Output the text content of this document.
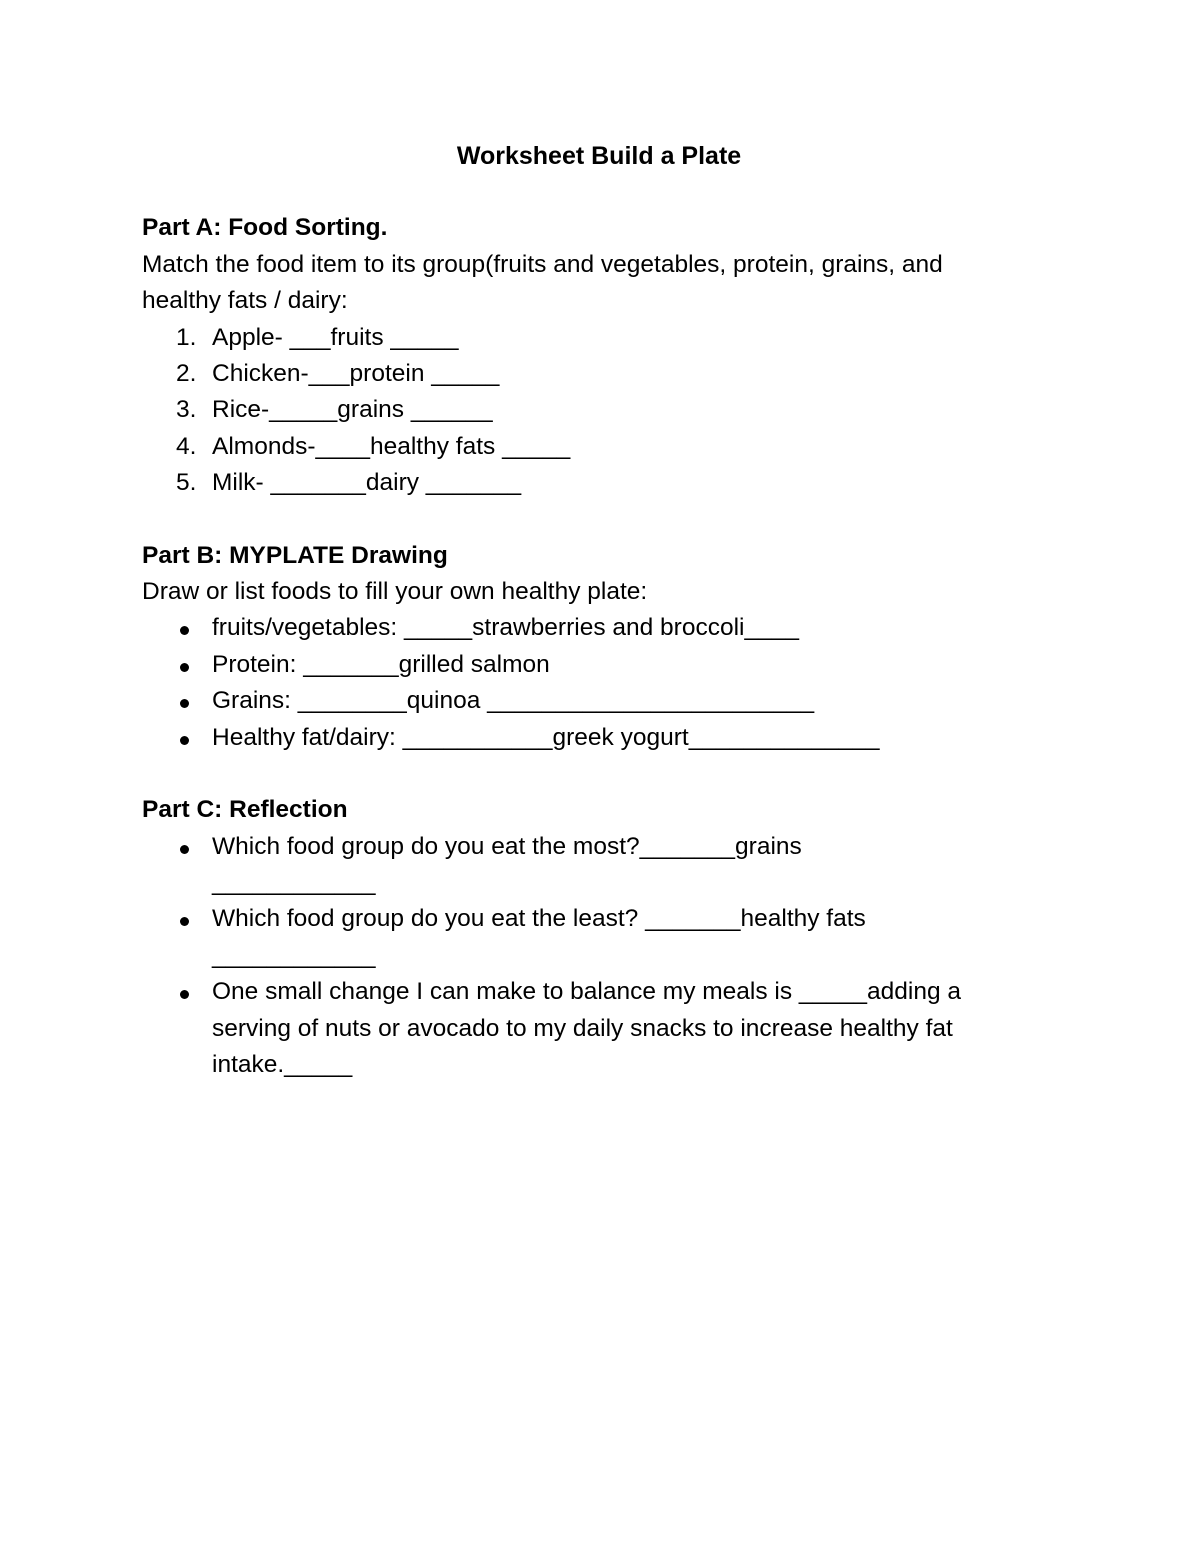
Worksheet Build a Plate

Part A: Food Sorting.

Match the food item to its group(fruits and vegetables, protein, grains, and

healthy fats / dairy:

1. Apple- ___fruits _____
2. Chicken-___protein _____
3. Rice-_____grains ______
4. Almonds-____healthy fats _____
5. Milk- _______dairy _______

Part B: MYPLATE Drawing

Draw or list foods to fill your own healthy plate:

fruits/vegetables: _____strawberries and broccoli____
Protein: _______grilled salmon
Grains: ________quinoa ________________________
Healthy fat/dairy: ___________greek yogurt______________

Part C: Reflection

Which food group do you eat the most?_______grains
____________
Which food group do you eat the least? _______healthy fats
____________
One small change I can make to balance my meals is _____adding a
serving of nuts or avocado to my daily snacks to increase healthy fat
intake._____
